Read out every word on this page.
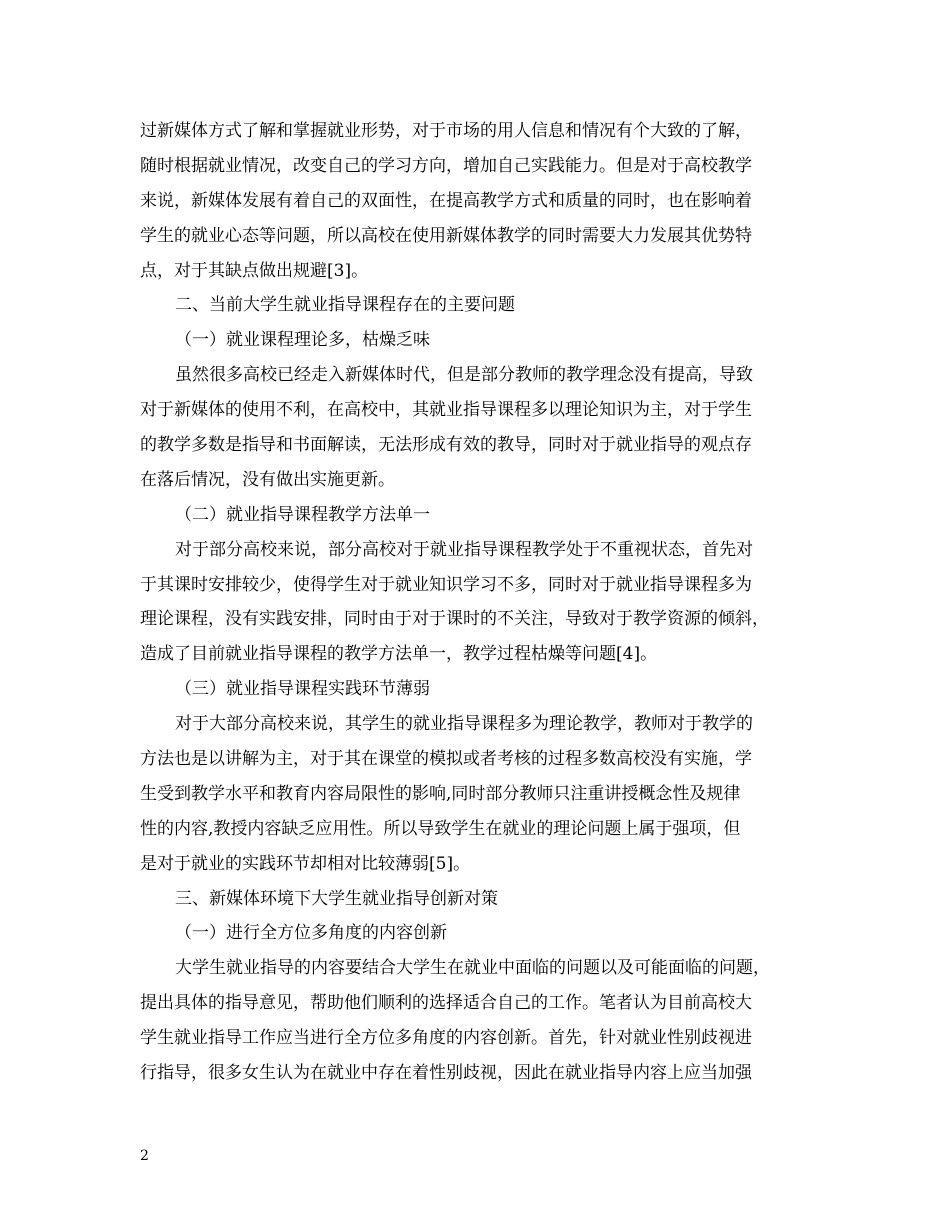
过新媒体方式了解和掌握就业形势，对于市场的用人信息和情况有个大致的了解，
随时根据就业情况，改变自己的学习方向，增加自己实践能力。但是对于高校教学
来说，新媒体发展有着自己的双面性，在提高教学方式和质量的同时，也在影响着
学生的就业心态等问题，所以高校在使用新媒体教学的同时需要大力发展其优势特
点，对于其缺点做出规避[3]。
二、当前大学生就业指导课程存在的主要问题
（一）就业课程理论多，枯燥乏味
虽然很多高校已经走入新媒体时代，但是部分教师的教学理念没有提高，导致
对于新媒体的使用不利，在高校中，其就业指导课程多以理论知识为主，对于学生
的教学多数是指导和书面解读，无法形成有效的教导，同时对于就业指导的观点存
在落后情况，没有做出实施更新。
（二）就业指导课程教学方法单一
对于部分高校来说，部分高校对于就业指导课程教学处于不重视状态，首先对
于其课时安排较少，使得学生对于就业知识学习不多，同时对于就业指导课程多为
理论课程，没有实践安排，同时由于对于课时的不关注，导致对于教学资源的倾斜，
造成了目前就业指导课程的教学方法单一，教学过程枯燥等问题[4]。
（三）就业指导课程实践环节薄弱
对于大部分高校来说，其学生的就业指导课程多为理论教学，教师对于教学的
方法也是以讲解为主，对于其在课堂的模拟或者考核的过程多数高校没有实施，学
生受到教学水平和教育内容局限性的影响,同时部分教师只注重讲授概念性及规律
性的内容,教授内容缺乏应用性。所以导致学生在就业的理论问题上属于强项，但
是对于就业的实践环节却相对比较薄弱[5]。
三、新媒体环境下大学生就业指导创新对策
（一）进行全方位多角度的内容创新
大学生就业指导的内容要结合大学生在就业中面临的问题以及可能面临的问题，
提出具体的指导意见，帮助他们顺利的选择适合自己的工作。笔者认为目前高校大
学生就业指导工作应当进行全方位多角度的内容创新。首先，针对就业性别歧视进
行指导，很多女生认为在就业中存在着性别歧视，因此在就业指导内容上应当加强
2
